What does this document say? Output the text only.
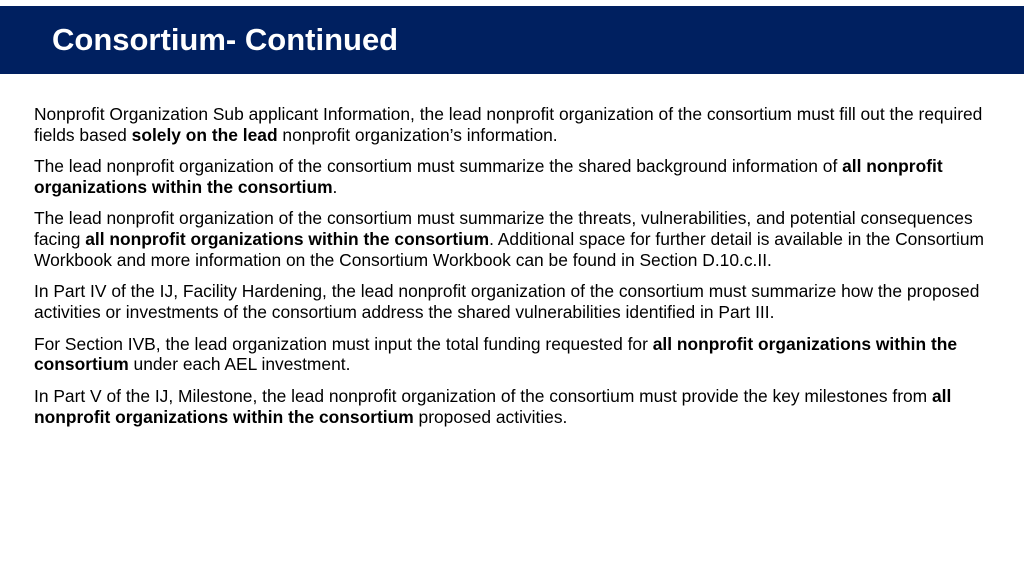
Consortium- Continued

Nonprofit Organization Sub applicant Information, the lead nonprofit organization of the consortium must fill out the required fields based solely on the lead nonprofit organization’s information.

The lead nonprofit organization of the consortium must summarize the shared background information of all nonprofit organizations within the consortium.

The lead nonprofit organization of the consortium must summarize the threats, vulnerabilities, and potential consequences facing all nonprofit organizations within the consortium. Additional space for further detail is available in the Consortium Workbook and more information on the Consortium Workbook can be found in Section D.10.c.II.

In Part IV of the IJ, Facility Hardening, the lead nonprofit organization of the consortium must summarize how the proposed activities or investments of the consortium address the shared vulnerabilities identified in Part III.

For Section IVB, the lead organization must input the total funding requested for all nonprofit organizations within the consortium under each AEL investment.

In Part V of the IJ, Milestone, the lead nonprofit organization of the consortium must provide the key milestones from all nonprofit organizations within the consortium proposed activities.
